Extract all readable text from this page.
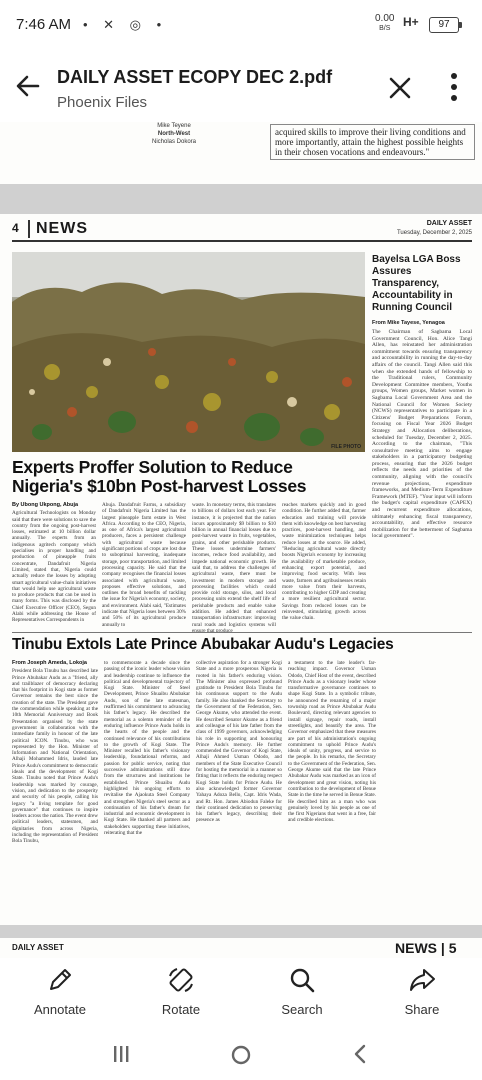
7:46 AM • ✕ ◎ •	0.00
B/S	H+	97
DAILY ASSET ECOPY DEC 2.pdf
Phoenix Files
Mike Teyene
North-West
Nicholas Dokora
acquired skills to improve their living conditions and more importantly, attain the highest possible heights in their chosen vocations and endeavours."
4	NEWS	DAILY ASSET
Tuesday, December 2, 2025
FILE PHOTO
Bayelsa LGA Boss Assures Transparency, Accountability in Running Council
From Mike Tayese, Yenagoa
The Chairman of Sagbama Local Government Council, Hon. Alice Tangi Allen, has reinstated her administration commitment towards ensuring transparency and accountability in running the day-to-day affairs of the council. Tangi Allen said this when she extended hands of fellowship to the Traditional rulers, Community Development Committee members, Youths groups, Women groups, Market women in Sagbama Local Government Area and the National Council for Women Society (NCWS) representatives to participate in a Citizens' Budget Preparations Forum, focusing on Fiscal Year 2026 Budget Strategy and Allocation deliberations, scheduled for Tuesday, December 2, 2025. According to the chairman, "This consultative meeting aims to engage stakeholders in a participatory budgeting process, ensuring that the 2026 budget reflects the needs and priorities of the community, aligning with the council's revenue projections, expenditure frameworks, and Medium-Term Expenditure Framework (MTEF). "Your input will inform the budget's capital expenditure (CAPEX) and recurrent expenditure allocations, ultimately enhancing fiscal transparency, accountability, and effective resource mobilization for the betterment of Sagbama local government".
Experts Proffer Solution to Reduce Nigeria's $10bn Post-harvest Losses
By Ubong Ukpong, Abuja
Agricultural Technologists on Monday said that there were solutions to save the country from the ongoing post-harvest losses, estimated at 10 billion dollar annually. The experts from an indigenous agritech company which specialises in proper handling and production of pineapple fruits concentrate, Dandafruit Nigeria Limited, stated that, Nigeria could actually reduce the losses by adopting smart agricultural value-chain initiatives that would help use agricultural waste to produce products that can be used in many forms. This was disclosed by the Chief Executive Officer (CEO), Segun Alabi while addressing the House of Representatives Correspondents in
Abuja. Dandafruit Farms, a subsidiary of Dandafruit Nigeria Limited has the largest pineapple farm estate in West Africa. According to the CEO, Nigeria, as one of Africa's largest agricultural producers, faces a persistent challenge with agricultural waste because significant portions of crops are lost due to suboptimal harvesting, inadequate storage, poor transportation, and limited processing capacity. He said that the company recognises the financial losses associated with agricultural waste, proposes effective solutions, and outlines the broad benefits of tackling the issue for Nigeria's economy, society, and environment. Alabi said, "Estimates indicate that Nigeria loses between 30% and 50% of its agricultural produce annually to
waste. In monetary terms, this translates to billions of dollars lost each year. For instance, it is projected that the nation incurs approximately $9 billion to $10 billion in annual financial losses due to post-harvest waste in fruits, vegetables, grains, and other perishable products. These losses undermine farmers' incomes, reduce food availability, and impede national economic growth. He said that, to address the challenges of agricultural waste, there must be investment in modern storage and processing facilities which could provide cold storage, silos, and local processing units extend the shelf life of perishable products and enable value addition. He added that enhanced transportation infrastructure: improving rural roads and logistics systems will ensure that produce
reaches markets quickly and in good condition. He further added that, farmer education and training will provide them with knowledge on best harvesting practices, post-harvest handling, and waste minimization techniques helps reduce losses at the source. He added, "Reducing agricultural waste directly boosts Nigeria's economy by increasing the availability of marketable produce, enhancing export potential, and improving food security. With less waste, farmers and agribusinesses retain more value from their harvests, contributing to higher GDP and creating a more resilient agricultural sector. Savings from reduced losses can be reinvested, stimulating growth across the value chain.
Tinubu Extols Late Prince Abubakar Audu's Legacies
From Joseph Ameda, Lokoja
President Bola Tinubu has described late Prince Abubakar Audu as a "friend, ally and trailblazer of democracy declaring that his footprint in Kogi state as former Governor remains the best since the creation of the state. The President gave the commendation while speaking at the 10th Memorial Anniversary and Book Presentation organised by the state government in collaboration with the immediate family in honour of the late political ICON. Tinubu, who was represented by the Hon. Minister of Information and National Orientation, Alhaji Mohammed Idris, lauded late Prince Audu's commitment to democratic ideals and the development of Kogi State. Tinubu noted that Prince Audu's leadership was marked by courage, vision, and dedication to the prosperity and security of his people, calling his legacy "a living template for good governance" that continues to inspire leaders across the nation. The event drew political leaders, statesmen, and dignitaries from across Nigeria, including the representation of President Bola Tinubu,
to commemorate a decade since the passing of the iconic leader whose vision and leadership continue to influence the political and developmental trajectory of Kogi State. Minister of Steel Development, Prince Shuaibu Abubakar Audu, son of the late statesman, reaffirmed his commitment to advancing his father's legacy. He described the memorial as a solemn reminder of the enduring influence Prince Audu holds in the hearts of the people and the continued relevance of his contributions to the growth of Kogi State. The Minister recalled his father's visionary leadership, foundational reforms, and passion for public service, noting that successive administrations still draw from the structures and institutions he established. Prince Shuaibu Audu highlighted his ongoing efforts to revitalise the Ajaokuta Steel Company and strengthen Nigeria's steel sector as a continuation of his father's dream for industrial and economic development in Kogi State. He thanked all partners and stakeholders supporting these initiatives, reiterating that the
collective aspiration for a stronger Kogi State and a more prosperous Nigeria is rooted in his father's enduring vision. The Minister also expressed profound gratitude to President Bola Tinubu for his continuous support to the Audu family. He also thanked the Secretary to the Government of the Federation, Sen. George Akume, who attended the event. He described Senator Akume as a friend and colleague of his late father from the class of 1999 governors, acknowledging his role in supporting and honouring Prince Audu's memory. He further commended the Governor of Kogi State, Alhaji Ahmed Usman Ododo, and members of the State Executive Council for hosting the memorial in a manner so fitting that it reflects the enduring respect Kogi State holds for Prince Audu. He also acknowledged former Governor Yahaya Adoza Bello, Capt. Idris Wada, and Rt. Hon. James Abiodun Faleke for their continued dedication to preserving his father's legacy, describing their presence as
a testament to the late leader's far-reaching impact. Governor Usman Ododo, Chief Host of the event, described Prince Audu as a visionary leader whose transformative governance continues to shape Kogi State. In a symbolic tribute, he announced the renaming of a major township road as Prince Abubakar Audu Boulevard, directing relevant agencies to install signage, repair roads, install streetlights, and beautify the area. The Governor emphasized that these measures are part of his administration's ongoing commitment to uphold Prince Audu's ideals of unity, progress, and service to the people. In his remarks, the Secretary to the Government of the Federation, Sen. George Akume said that the late Prince Abubakar Audu was marked as an icon of development and great vision, noting his contribution to the development of Benue State in the time he served in Benue State. He described him as a man who was genuinely loved by his people as one of the first Nigerians that went in a free, fair and credible elections.
DAILY ASSET	NEWS | 5
Annotate	Rotate	Search	Share
